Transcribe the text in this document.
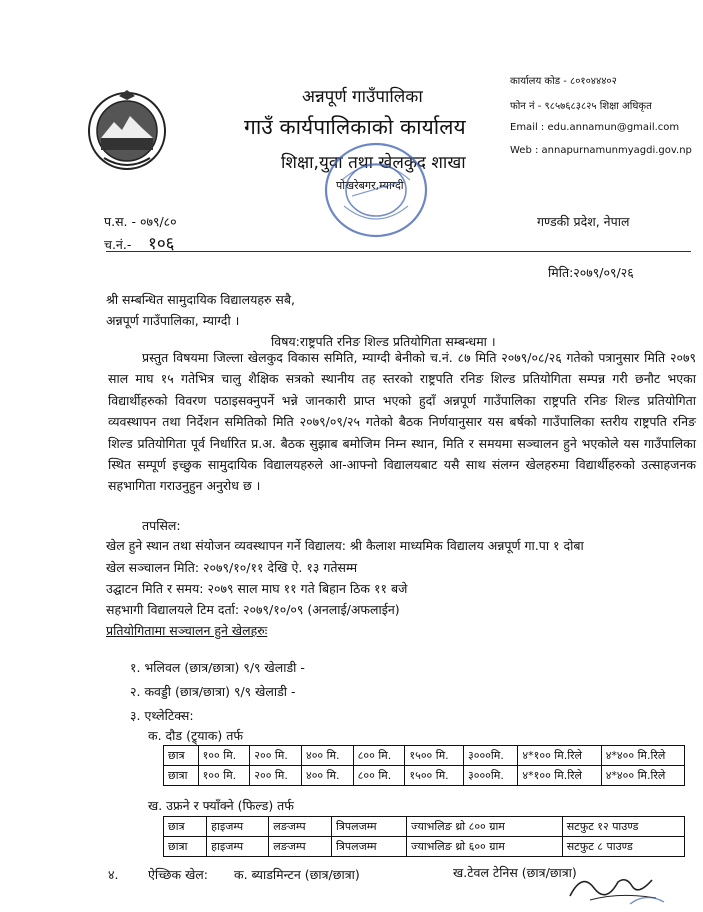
अन्नपूर्ण गाउँपालिका
गाउँ कार्यपालिकाको कार्यालय
शिक्षा,युवा तथा खेलकुद शाखा
पोखरेबगर,म्याग्दी
कार्यालय कोड - ८०१०४४४०२
फोन नं - ९८५७६८३८२५ शिक्षा अधिकृत
Email : edu.annamun@gmail.com
Web : annapurnamunmyagdi.gov.np
प.स. - ०७९/८०
च.नं.- १०६
गण्डकी प्रदेश, नेपाल
मिति:२०७९/०९/२६
श्री सम्बन्धित सामुदायिक विद्यालयहरु सबै,
अन्नपूर्ण गाउँपालिका, म्याग्दी ।
विषय:राष्ट्रपति रनिङ शिल्ड प्रतियोगिता सम्बन्धमा ।
प्रस्तुत विषयमा जिल्ला खेलकुद विकास समिति, म्याग्दी बेनीको च.नं. ८७ मिति २०७९/०८/२६ गतेको पत्रानुसार मिति २०७९ साल माघ १५ गतेभित्र चालु शैक्षिक सत्रको स्थानीय तह स्तरको राष्ट्रपति रनिङ शिल्ड प्रतियोगिता सम्पन्न गरी छनौट भएका विद्यार्थीहरुको विवरण पठाइसक्नुपर्ने भन्ने जानकारी प्राप्त भएको हुदाँ अन्नपूर्ण गाउँपालिका राष्ट्रपति रनिङ शिल्ड प्रतियोगिता व्यवस्थापन तथा निर्देशन समितिको मिति २०७९/०९/२५ गतेको बैठक निर्णयानुसार यस बर्षको गाउँपालिका स्तरीय राष्ट्रपति रनिङ शिल्ड प्रतियोगिता पूर्व निर्धारित प्र.अ. बैठक सुझाब बमोजिम निम्न स्थान, मिति र समयमा सञ्चालन हुने भएकोले यस गाउँपालिका स्थित सम्पूर्ण इच्छुक सामुदायिक विद्यालयहरुले आ-आफ्नो विद्यालयबाट यसै साथ संलग्न खेलहरुमा विद्यार्थीहरुको उत्साहजनक सहभागिता गराउनुहुन अनुरोध छ ।
तपसिल:
खेल हुने स्थान तथा संयोजन व्यवस्थापन गर्ने विद्यालय: श्री कैलाश माध्यमिक विद्यालय अन्नपूर्ण गा.पा १ दोबा
खेल सञ्चालन मिति: २०७९/१०/११ देखि ऐ. १३ गतेसम्म
उद्घाटन मिति र समय: २०७९ साल माघ ११ गते बिहान ठिक ११ बजे
सहभागी विद्यालयले टिम दर्ता: २०७९/१०/०९ (अनलाई/अफलाईन)
प्रतियोगितामा सञ्चालन हुने खेलहरुः
१. भलिवल (छात्र/छात्रा) ९/९ खेलाडी -
२. कवड्डी (छात्र/छात्रा) ९/९ खेलाडी -
३. एथ्लेटिक्स:
क. दौड (ट्र्याक) तर्फ
छात्र	१०० मि.	२०० मि.	४०० मि.	८०० मि.	१५०० मि.	३०००मि.	४*१०० मि.रिले	४*४०० मि.रिले
छात्रा	१०० मि.	२०० मि.	४०० मि.	८०० मि.	१५०० मि.	३०००मि.	४*१०० मि.रिले	४*४०० मि.रिले
ख. उफ्रने र फ्याँक्ने (फिल्ड) तर्फ
छात्र	हाइजम्प	लङजम्प	त्रिपलजम्म	ज्याभलिङ थ्रो ८०० ग्राम	सटफुट १२ पाउण्ड
छात्रा	हाइजम्प	लङजम्प	त्रिपलजम्म	ज्याभलिङ थ्रो ६०० ग्राम	सटफुट ८ पाउण्ड
४. ऐच्छिक खेल: क. ब्याडमिन्टन (छात्र/छात्रा)	ख.टेवल टेनिस (छात्र/छात्रा)
